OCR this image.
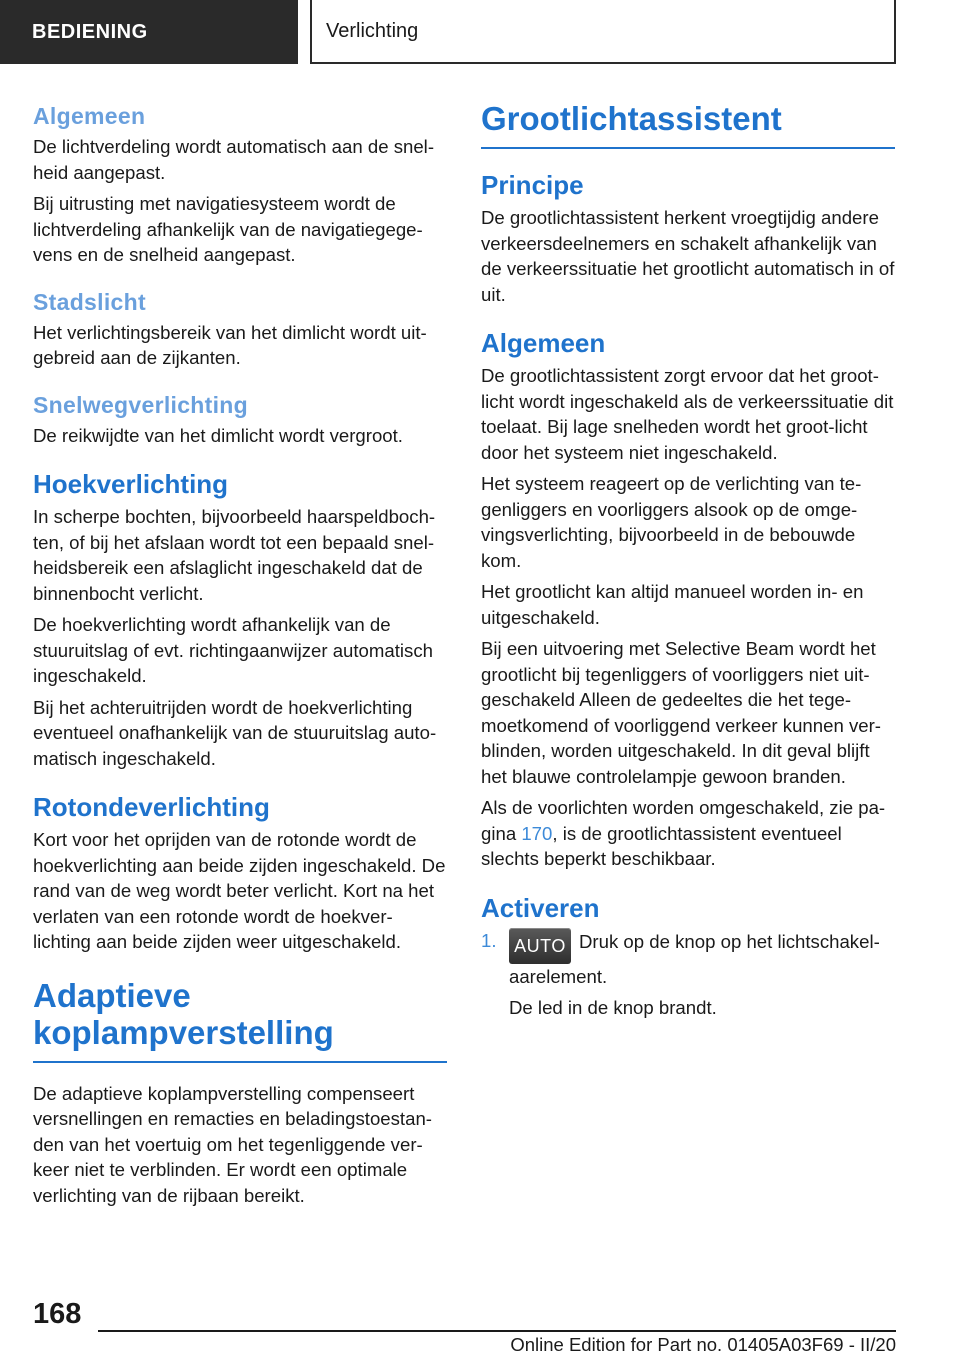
BEDIENING	Verlichting
Algemeen

De lichtverdeling wordt automatisch aan de snel-heid aangepast.

Bij uitrusting met navigatiesysteem wordt de lichtverdeling afhankelijk van de navigatiegege-vens en de snelheid aangepast.

Stadslicht

Het verlichtingsbereik van het dimlicht wordt uit-gebreid aan de zijkanten.

Snelwegverlichting

De reikwijdte van het dimlicht wordt vergroot.

Hoekverlichting

In scherpe bochten, bijvoorbeeld haarspeldboch-ten, of bij het afslaan wordt tot een bepaald snel-heidsbereik een afslaglicht ingeschakeld dat de binnenbocht verlicht.

De hoekverlichting wordt afhankelijk van de stuuruitslag of evt. richtingaanwijzer automatisch ingeschakeld.

Bij het achteruitrijden wordt de hoekverlichting eventueel onafhankelijk van de stuuruitslag auto-matisch ingeschakeld.

Rotondeverlichting

Kort voor het oprijden van de rotonde wordt de hoekverlichting aan beide zijden ingeschakeld. De rand van de weg wordt beter verlicht. Kort na het verlaten van een rotonde wordt de hoekver-lichting aan beide zijden weer uitgeschakeld.

Adaptieve koplampverstelling

De adaptieve koplampverstelling compenseert versnellingen en remacties en beladingstoestan-den van het voertuig om het tegenliggende ver-keer niet te verblinden. Er wordt een optimale verlichting van de rijbaan bereikt.

Grootlichtassistent
Principe

De grootlichtassistent herkent vroegtijdig andere verkeersdeelnemers en schakelt afhankelijk van de verkeerssituatie het grootlicht automatisch in of uit.

Algemeen

De grootlichtassistent zorgt ervoor dat het groot-licht wordt ingeschakeld als de verkeerssituatie dit toelaat. Bij lage snelheden wordt het groot-licht door het systeem niet ingeschakeld.

Het systeem reageert op de verlichting van te-genliggers en voorliggers alsook op de omge-vingsverlichting, bijvoorbeeld in de bebouwde kom.

Het grootlicht kan altijd manueel worden in- en uitgeschakeld.

Bij een uitvoering met Selective Beam wordt het grootlicht bij tegenliggers of voorliggers niet uit-geschakeld Alleen de gedeeltes die het tege-moetkomend of voorliggend verkeer kunnen ver-blinden, worden uitgeschakeld. In dit geval blijft het blauwe controlelampje gewoon branden.

Als de voorlichten worden omgeschakeld, zie pa-gina 170, is de grootlichtassistent eventueel slechts beperkt beschikbaar.

Activeren
1. AUTO Druk op de knop op het lichtschakel-aarelement.

De led in de knop brandt.

168
Online Edition for Part no. 01405A03F69 - II/20
